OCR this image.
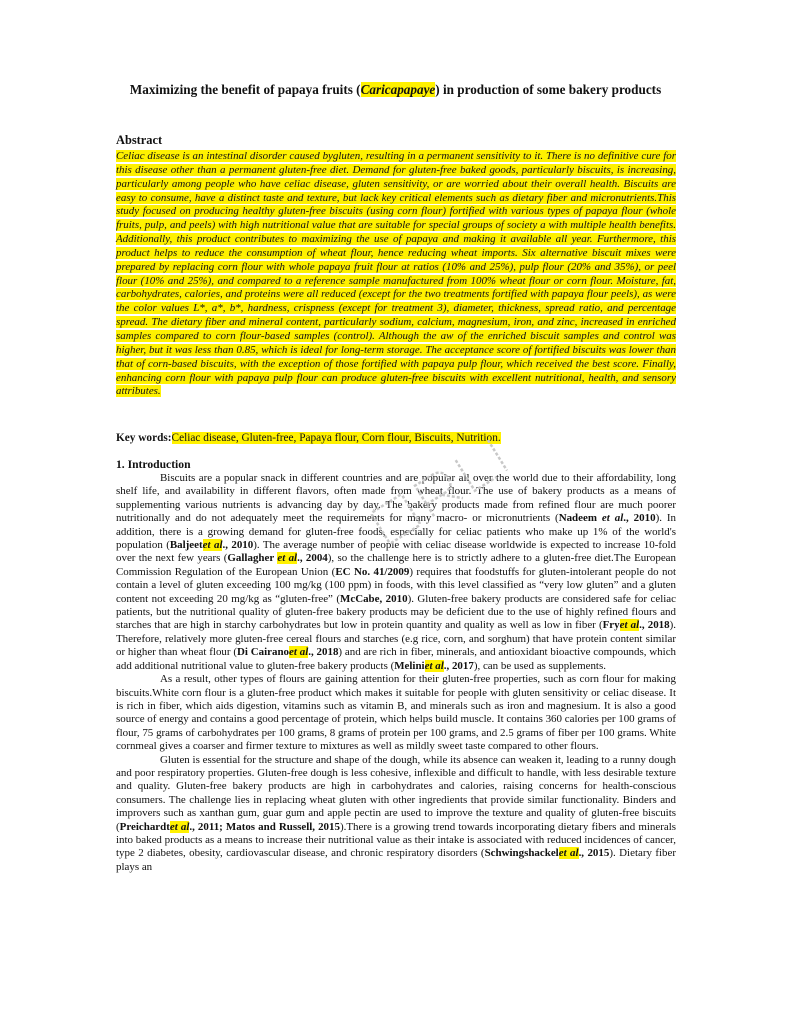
Maximizing the benefit of papaya fruits (Caricapapaye) in production of some bakery products
Abstract
Celiac disease is an intestinal disorder caused bygluten, resulting in a permanent sensitivity to it. There is no definitive cure for this disease other than a permanent gluten-free diet. Demand for gluten-free baked goods, particularly biscuits, is increasing, particularly among people who have celiac disease, gluten sensitivity, or are worried about their overall health. Biscuits are easy to consume, have a distinct taste and texture, but lack key critical elements such as dietary fiber and micronutrients.This study focused on producing healthy gluten-free biscuits (using corn flour) fortified with various types of papaya flour (whole fruits, pulp, and peels) with high nutritional value that are suitable for special groups of society a with multiple health benefits. Additionally, this product contributes to maximizing the use of papaya and making it available all year. Furthermore, this product helps to reduce the consumption of wheat flour, hence reducing wheat imports. Six alternative biscuit mixes were prepared by replacing corn flour with whole papaya fruit flour at ratios (10% and 25%), pulp flour (20% and 35%), or peel flour (10% and 25%), and compared to a reference sample manufactured from 100% wheat flour or corn flour. Moisture, fat, carbohydrates, calories, and proteins were all reduced (except for the two treatments fortified with papaya flour peels), as were the color values L*, a*, b*, hardness, crispness (except for treatment 3), diameter, thickness, spread ratio, and percentage spread. The dietary fiber and mineral content, particularly sodium, calcium, magnesium, iron, and zinc, increased in enriched samples compared to corn flour-based samples (control). Although the aw of the enriched biscuit samples and control was higher, but it was less than 0.85, which is ideal for long-term storage. The acceptance score of fortified biscuits was lower than that of corn-based biscuits, with the exception of those fortified with papaya pulp flour, which received the best score. Finally, enhancing corn flour with papaya pulp flour can produce gluten-free biscuits with excellent nutritional, health, and sensory attributes.
Key words:Celiac disease, Gluten-free, Papaya flour, Corn flour, Biscuits, Nutrition.
1. Introduction

Biscuits are a popular snack in different countries and are popular all over the world due to their affordability, long shelf life, and availability in different flavors, often made from wheat flour. The use of bakery products as a means of supplementing various nutrients is advancing day by day. The bakery products made from refined flour are much poorer nutritionally and do not adequately meet the requirements for many macro- or micronutrients (Nadeem et al., 2010). In addition, there is a growing demand for gluten-free foods, especially for celiac patients who make up 1% of the world's population (Baljeetet al., 2010). The average number of people with celiac disease worldwide is expected to increase 10-fold over the next few years (Gallagher et al., 2004), so the challenge here is to strictly adhere to a gluten-free diet.The European Commission Regulation of the European Union (EC No. 41/2009) requires that foodstuffs for gluten-intolerant people do not contain a level of gluten exceeding 100 mg/kg (100 ppm) in foods, with this level classified as “very low gluten” and a gluten content not exceeding 20 mg/kg as “gluten-free” (McCabe, 2010). Gluten-free bakery products are considered safe for celiac patients, but the nutritional quality of gluten-free bakery products may be deficient due to the use of highly refined flours and starches that are high in starchy carbohydrates but low in protein quantity and quality as well as low in fiber (Fryet al., 2018). Therefore, relatively more gluten-free cereal flours and starches (e.g rice, corn, and sorghum) that have protein content similar or higher than wheat flour (Di Cairanoet al., 2018) and are rich in fiber, minerals, and antioxidant bioactive compounds, which add additional nutritional value to gluten-free bakery products (Meliniet al., 2017), can be used as supplements.

As a result, other types of flours are gaining attention for their gluten-free properties, such as corn flour for making biscuits.White corn flour is a gluten-free product which makes it suitable for people with gluten sensitivity or celiac disease. It is rich in fiber, which aids digestion, vitamins such as vitamin B, and minerals such as iron and magnesium. It is also a good source of energy and contains a good percentage of protein, which helps build muscle. It contains 360 calories per 100 grams of flour, 75 grams of carbohydrates per 100 grams, 8 grams of protein per 100 grams, and 2.5 grams of fiber per 100 grams. White cornmeal gives a coarser and firmer texture to mixtures as well as mildly sweet taste compared to other flours.

Gluten is essential for the structure and shape of the dough, while its absence can weaken it, leading to a runny dough and poor respiratory properties. Gluten-free dough is less cohesive, inflexible and difficult to handle, with less desirable texture and quality. Gluten-free bakery products are high in carbohydrates and calories, raising concerns for health-conscious consumers. The challenge lies in replacing wheat gluten with other ingredients that provide similar functionality. Binders and improvers such as xanthan gum, guar gum and apple pectin are used to improve the texture and quality of gluten-free biscuits (Preichardtet al., 2011; Matos and Russell, 2015).There is a growing trend towards incorporating dietary fibers and minerals into baked products as a means to increase their nutritional value as their intake is associated with reduced incidences of cancer, type 2 diabetes, obesity, cardiovascular disease, and chronic respiratory disorders (Schwingshackelet al., 2015). Dietary fiber plays an
